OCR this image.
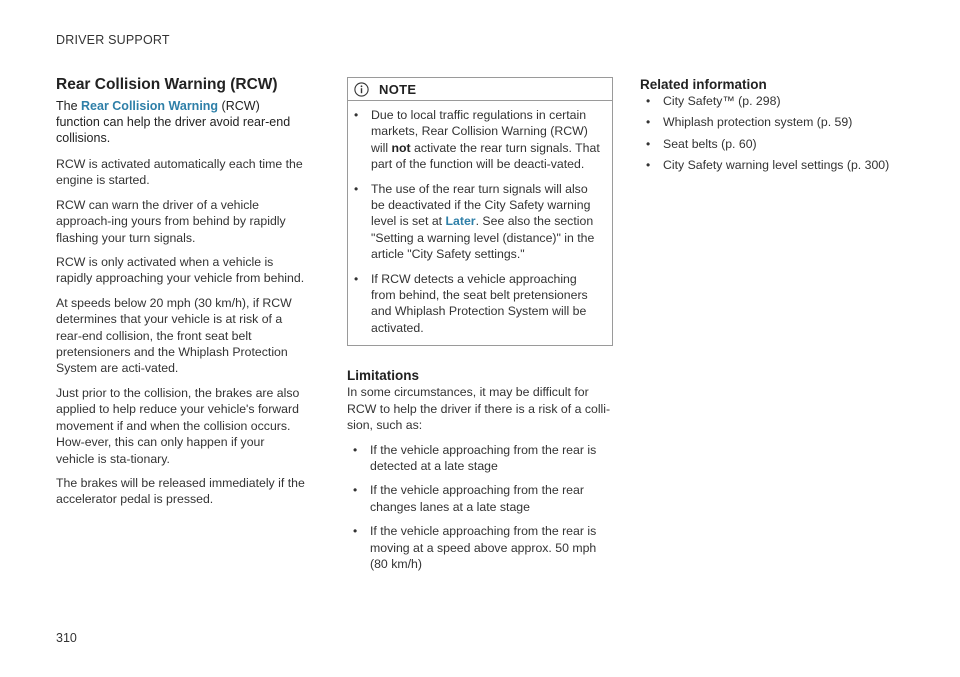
DRIVER SUPPORT
Rear Collision Warning (RCW)

The Rear Collision Warning (RCW) function can help the driver avoid rear-end collisions.

RCW is activated automatically each time the engine is started.

RCW can warn the driver of a vehicle approach-ing yours from behind by rapidly flashing your turn signals.

RCW is only activated when a vehicle is rapidly approaching your vehicle from behind.

At speeds below 20 mph (30 km/h), if RCW determines that your vehicle is at risk of a rear-end collision, the front seat belt pretensioners and the Whiplash Protection System are acti-vated.

Just prior to the collision, the brakes are also applied to help reduce your vehicle's forward movement if and when the collision occurs. How-ever, this can only happen if your vehicle is sta-tionary.

The brakes will be released immediately if the accelerator pedal is pressed.

NOTE
• Due to local traffic regulations in certain markets, Rear Collision Warning (RCW) will not activate the rear turn signals. That part of the function will be deacti-vated.
• The use of the rear turn signals will also be deactivated if the City Safety warning level is set at Later. See also the section "Setting a warning level (distance)" in the article "City Safety settings."
• If RCW detects a vehicle approaching from behind, the seat belt pretensioners and Whiplash Protection System will be activated.
Limitations

In some circumstances, it may be difficult for RCW to help the driver if there is a risk of a colli-sion, such as:

• If the vehicle approaching from the rear is detected at a late stage
• If the vehicle approaching from the rear changes lanes at a late stage
• If the vehicle approaching from the rear is moving at a speed above approx. 50 mph (80 km/h)
Related information
• City Safety™ (p. 298)
• Whiplash protection system (p. 59)
• Seat belts (p. 60)
• City Safety warning level settings (p. 300)
310
